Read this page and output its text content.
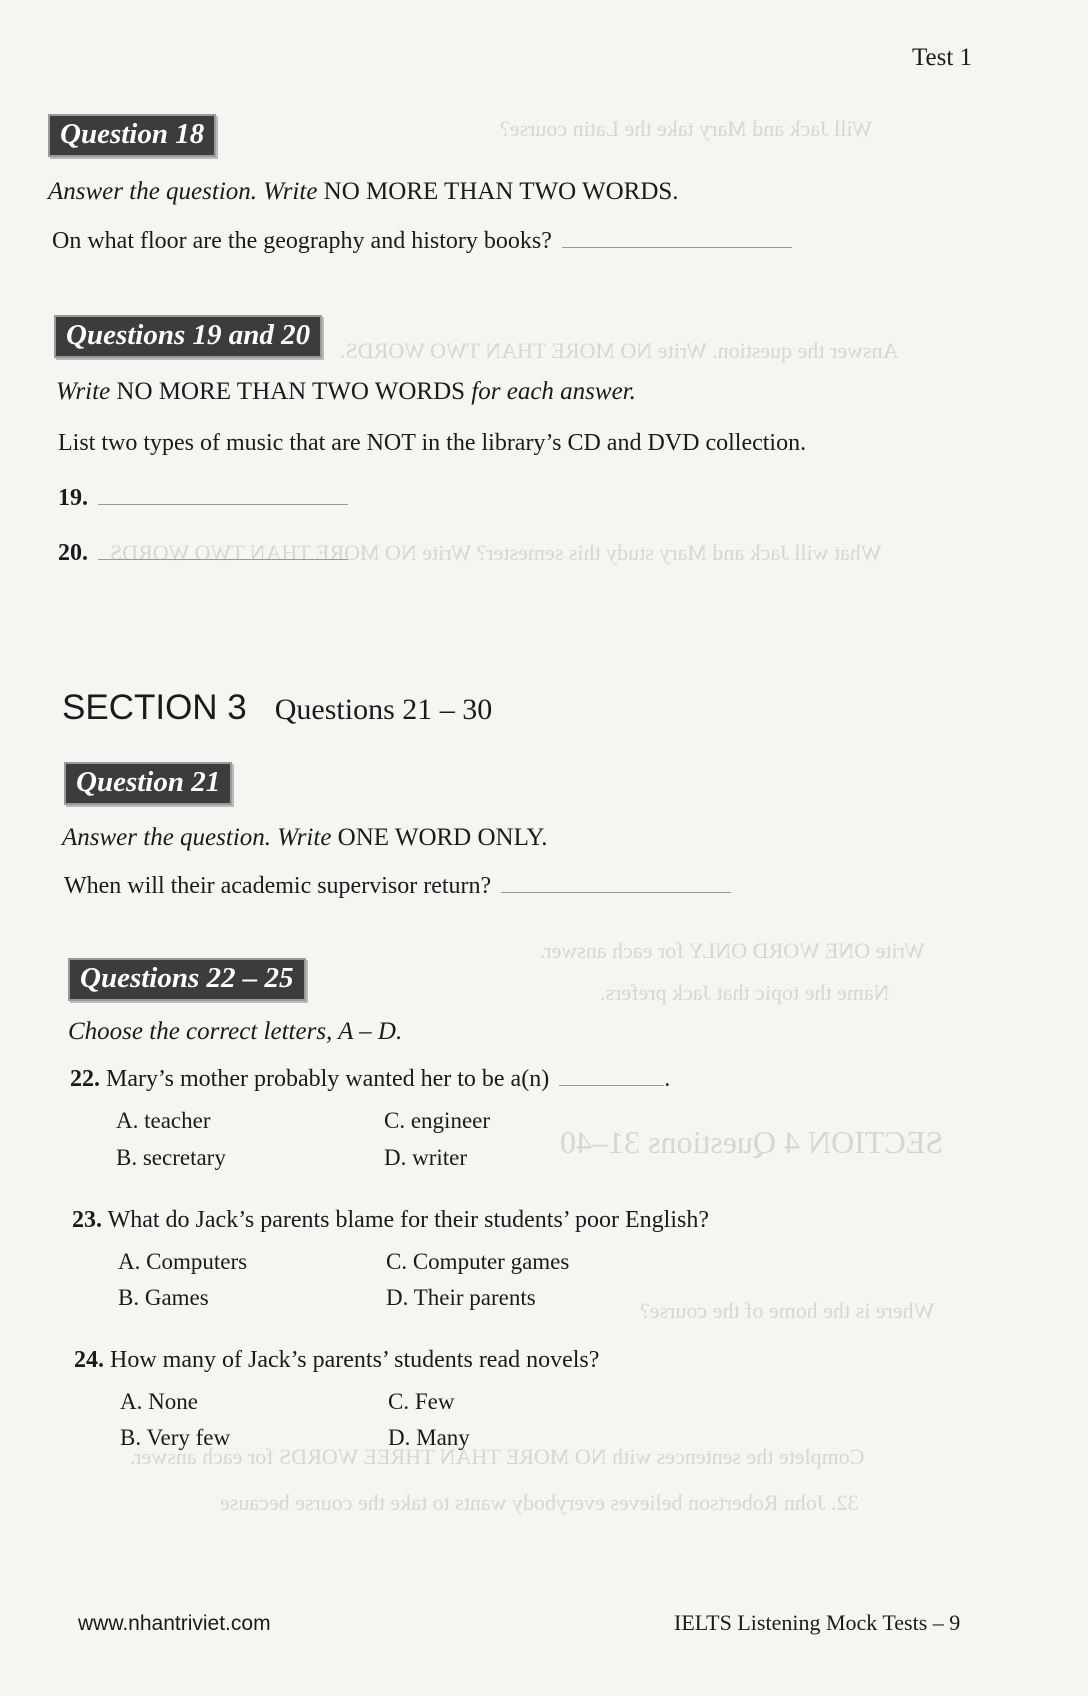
Will Jack and Mary take the Latin course?
Answer the question. Write NO MORE THAN TWO WORDS.
What will Jack and Mary study this semester? Write NO MORE THAN TWO WORDS
Write ONE WORD ONLY for each answer.
Name the topic that Jack prefers.
SECTION 4 Questions 31–40
Where is the home of the course?
Complete the sentences with NO MORE THAN THREE WORDS for each answer.
32. John Robertson believes everybody wants to take the course because
Test 1
Question 18
Answer the question. Write NO MORE THAN TWO WORDS.
On what floor are the geography and history books?
Questions 19 and 20
Write NO MORE THAN TWO WORDS for each answer.
List two types of music that are NOT in the library’s CD and DVD collection.
19.
20.
SECTION 3 Questions 21 – 30
Question 21
Answer the question. Write ONE WORD ONLY.
When will their academic supervisor return?
Questions 22 – 25
Choose the correct letters, A – D.
22. Mary’s mother probably wanted her to be a(n)	.
A. teacher	C. engineer
B. secretary	D. writer
23. What do Jack’s parents blame for their students’ poor English?
A. Computers	C. Computer games
B. Games	D. Their parents
24. How many of Jack’s parents’ students read novels?
A. None	C. Few
B. Very few	D. Many
www.nhantriviet.com	IELTS Listening Mock Tests – 9
